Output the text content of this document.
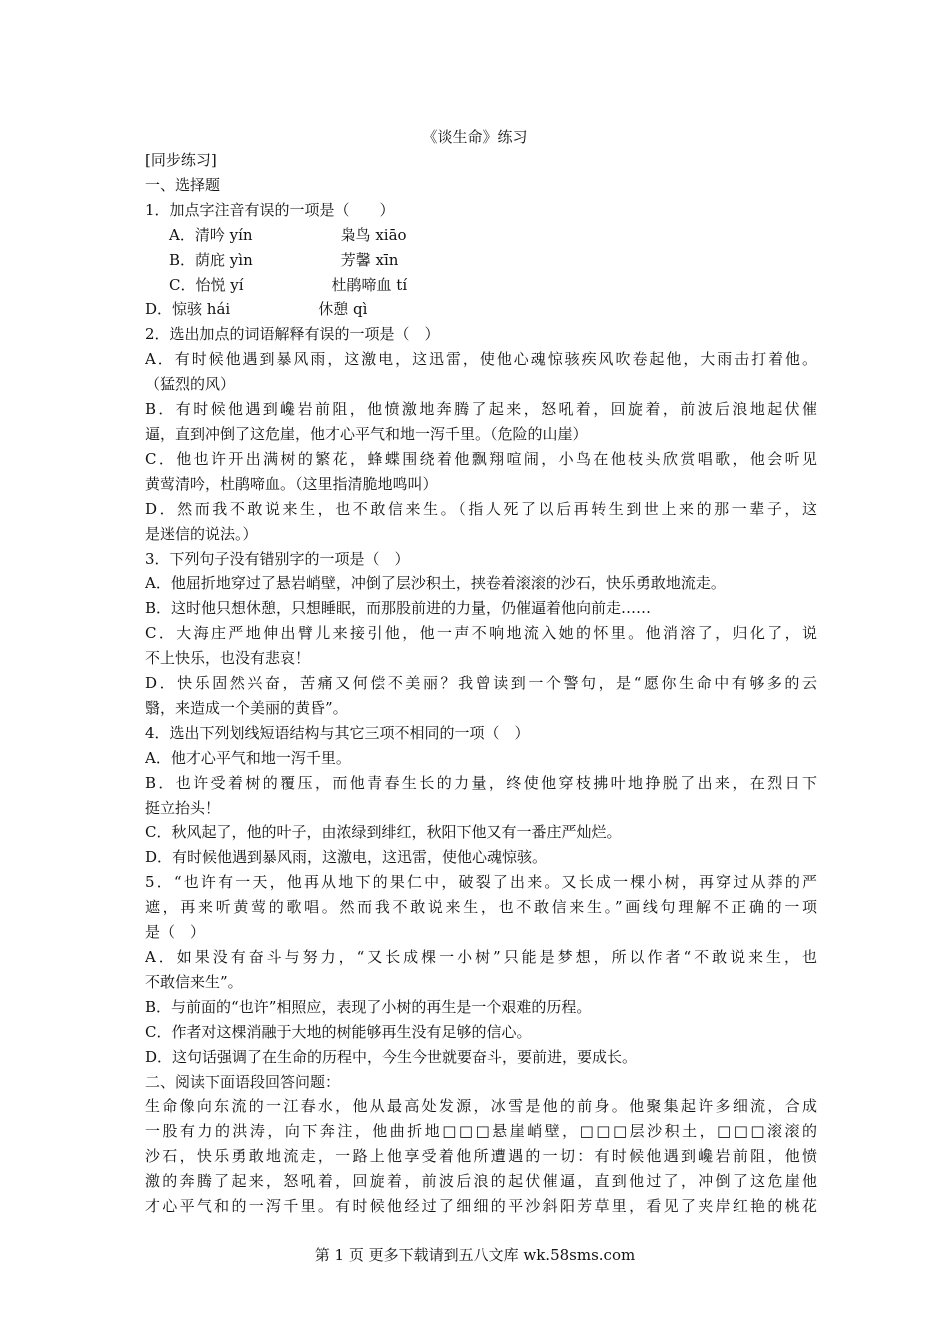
《谈生命》练习

[同步练习]

一、选择题

1．加点字注音有误的一项是（　　）

A．清吟 yín	枭鸟 xiāo

B．荫庇 yìn	芳馨 xīn

C．怡悦 yí	杜鹃啼血 tí

D．惊骇 hái	休憩 qì

2．选出加点的词语解释有误的一项是（　）

A．有时候他遇到暴风雨，这激电，这迅雷，使他心魂惊骇疾风吹卷起他，大雨击打着他。

（猛烈的风）

B．有时候他遇到巉岩前阻，他愤激地奔腾了起来，怒吼着，回旋着，前波后浪地起伏催

逼，直到冲倒了这危崖，他才心平气和地一泻千里。（危险的山崖）

C．他也许开出满树的繁花，蜂蝶围绕着他飘翔喧闹，小鸟在他枝头欣赏唱歌，他会听见

黄莺清吟，杜鹃啼血。（这里指清脆地鸣叫）

D．然而我不敢说来生，也不敢信来生。（指人死了以后再转生到世上来的那一辈子，这

是迷信的说法。）

3．下列句子没有错别字的一项是（　）

A．他屈折地穿过了悬岩峭壁，冲倒了层沙积土，挟卷着滚滚的沙石，快乐勇敢地流走。

B．这时他只想休憩，只想睡眠，而那股前进的力量，仍催逼着他向前走……

C．大海庄严地伸出臂儿来接引他，他一声不响地流入她的怀里。他消溶了，归化了，说

不上快乐，也没有悲哀！

D．快乐固然兴奋，苦痛又何偿不美丽？我曾读到一个警句，是“愿你生命中有够多的云

翳，来造成一个美丽的黄昏”。

4．选出下列划线短语结构与其它三项不相同的一项（　）

A．他才心平气和地一泻千里。

B．也许受着树的覆压，而他青春生长的力量，终使他穿枝拂叶地挣脱了出来，在烈日下

挺立抬头！

C．秋风起了，他的叶子，由浓绿到绯红，秋阳下他又有一番庄严灿烂。

D．有时候他遇到暴风雨，这激电，这迅雷，使他心魂惊骇。

5．“也许有一天，他再从地下的果仁中，破裂了出来。又长成一棵小树，再穿过从莽的严

遮，再来听黄莺的歌唱。然而我不敢说来生，也不敢信来生。”画线句理解不正确的一项

是（　）

A．如果没有奋斗与努力，“又长成棵一小树”只能是梦想，所以作者“不敢说来生，也

不敢信来生”。

B．与前面的“也许”相照应，表现了小树的再生是一个艰难的历程。

C．作者对这棵消融于大地的树能够再生没有足够的信心。

D．这句话强调了在生命的历程中，今生今世就要奋斗，要前进，要成长。

二、阅读下面语段回答问题：

生命像向东流的一江春水，他从最高处发源，冰雪是他的前身。他聚集起许多细流，合成

一股有力的洪涛，向下奔注，他曲折地□□□悬崖峭壁，□□□层沙积土，□□□滚滚的

沙石，快乐勇敢地流走，一路上他享受着他所遭遇的一切：有时候他遇到巉岩前阻，他愤

激的奔腾了起来，怒吼着，回旋着，前波后浪的起伏催逼，直到他过了，冲倒了这危崖他

才心平气和的一泻千里。有时候他经过了细细的平沙斜阳芳草里，看见了夹岸红艳的桃花

第 1 页 更多下载请到五八文库 wk.58sms.com
